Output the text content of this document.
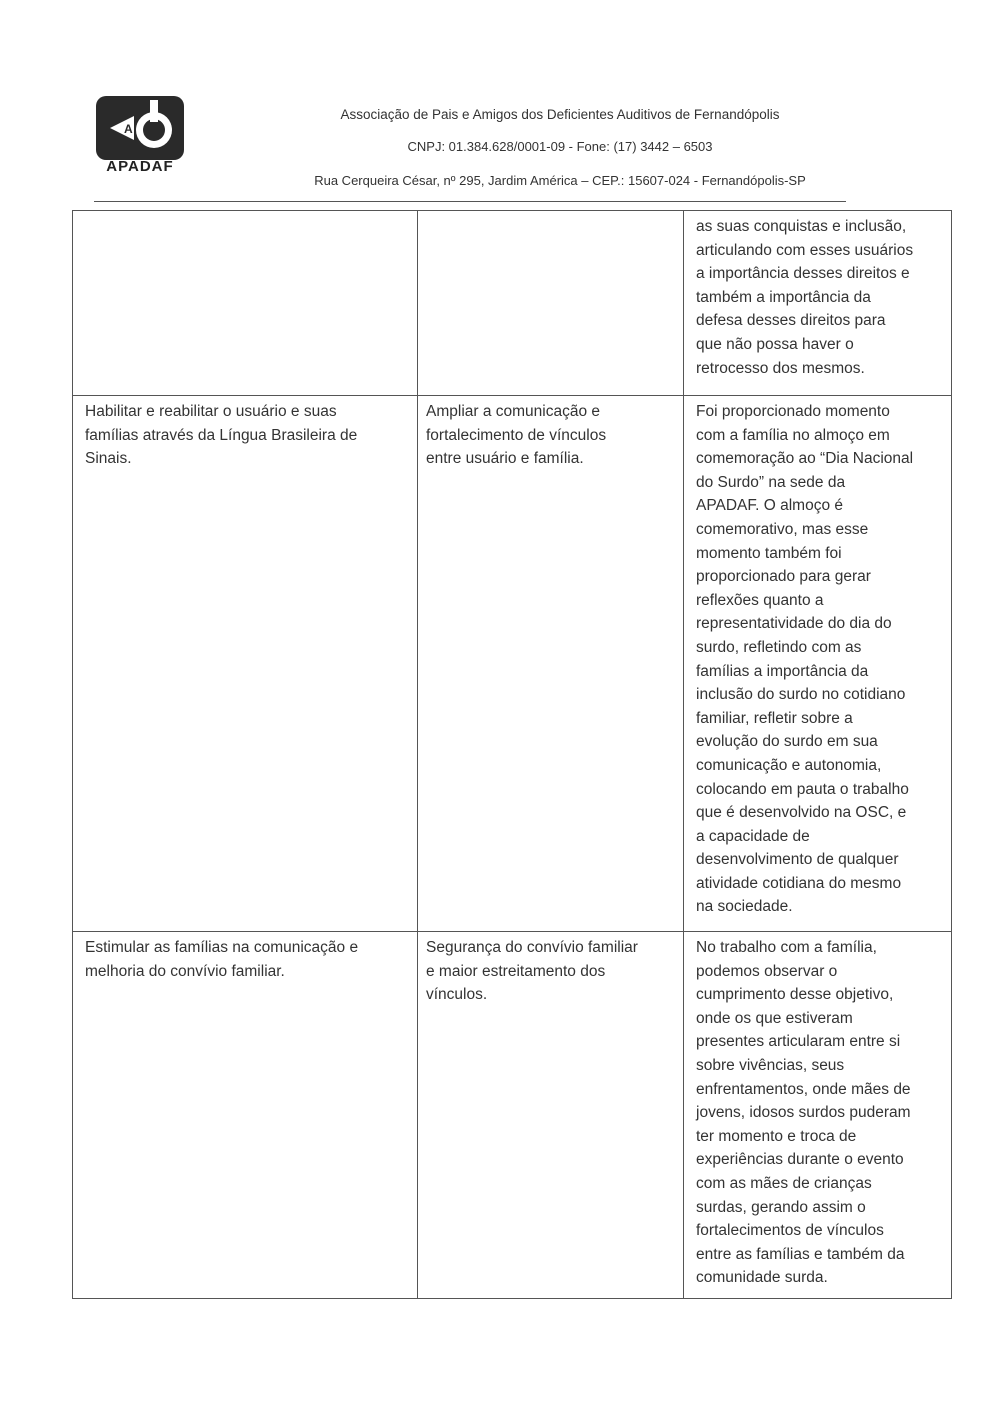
A
APADAF
Associação de Pais e Amigos dos Deficientes Auditivos de Fernandópolis
CNPJ: 01.384.628/0001-09 - Fone: (17) 3442 – 6503
Rua Cerqueira César, nº 295, Jardim América – CEP.: 15607-024 - Fernandópolis-SP
as suas conquistas e inclusão,
articulando com esses usuários
a importância desses direitos e
também a importância da
defesa desses direitos para
que não possa haver o
retrocesso dos mesmos.
Habilitar e reabilitar o usuário e suas
famílias através da Língua Brasileira de
Sinais.
Ampliar a comunicação e
fortalecimento de vínculos
entre usuário e família.
Foi proporcionado momento
com a família no almoço em
comemoração ao “Dia Nacional
do Surdo” na sede da
APADAF. O almoço é
comemorativo, mas esse
momento também foi
proporcionado para gerar
reflexões quanto a
representatividade do dia do
surdo, refletindo com as
famílias a importância da
inclusão do surdo no cotidiano
familiar, refletir sobre a
evolução do surdo em sua
comunicação e autonomia,
colocando em pauta o trabalho
que é desenvolvido na OSC, e
a capacidade de
desenvolvimento de qualquer
atividade cotidiana do mesmo
na sociedade.
Estimular as famílias na comunicação e
melhoria do convívio familiar.
Segurança do convívio familiar
e maior estreitamento dos
vínculos.
No trabalho com a família,
podemos observar o
cumprimento desse objetivo,
onde os que estiveram
presentes articularam entre si
sobre vivências, seus
enfrentamentos, onde mães de
jovens, idosos surdos puderam
ter momento e troca de
experiências durante o evento
com as mães de crianças
surdas, gerando assim o
fortalecimentos de vínculos
entre as famílias e também da
comunidade surda.
